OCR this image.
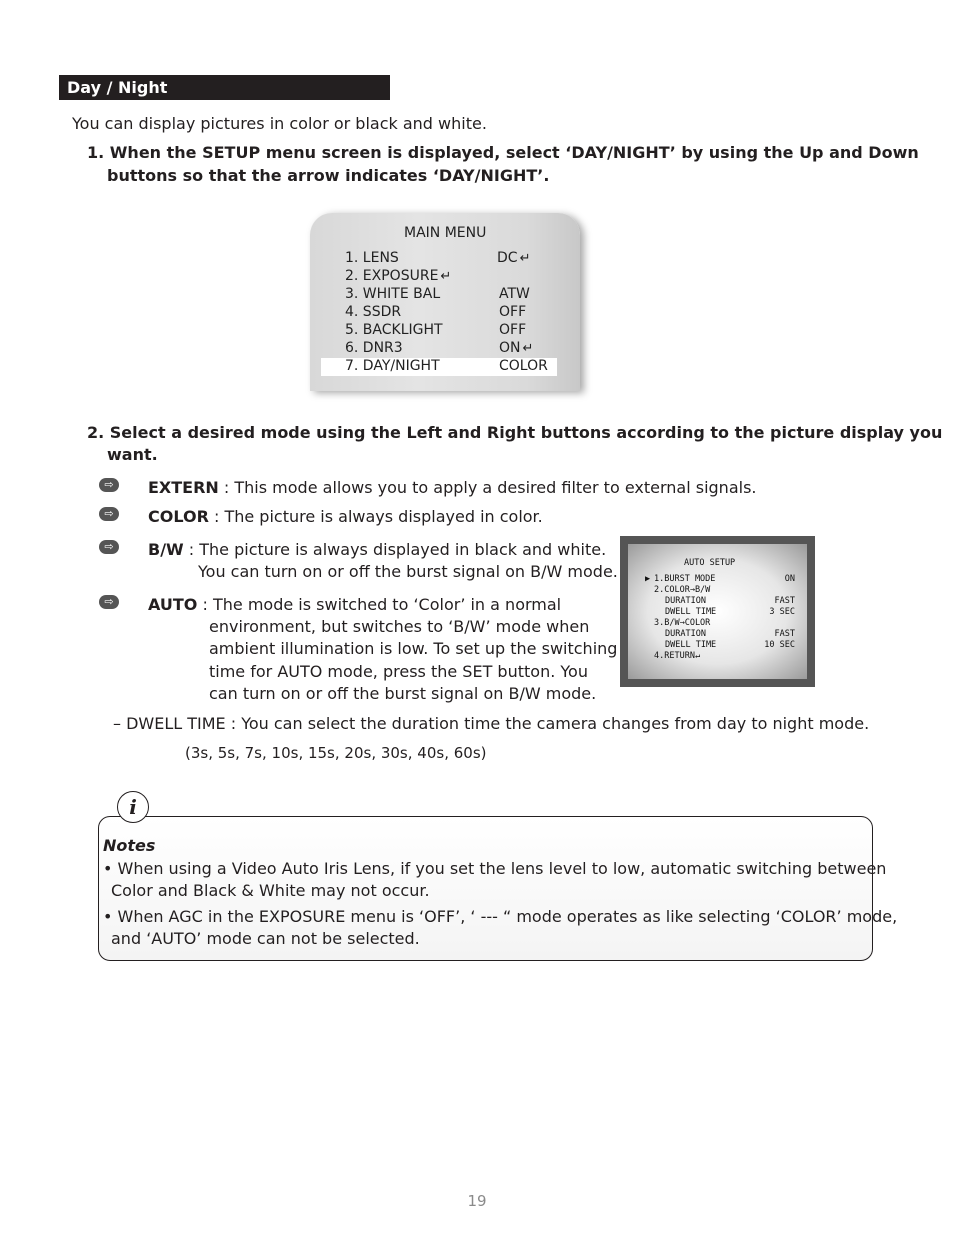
Day / Night
You can display pictures in color or black and white.
1. When the SETUP menu screen is displayed, select ‘DAY/NIGHT’ by using the Up and Down
buttons so that the arrow indicates ‘DAY/NIGHT’.
MAIN MENU
1. LENS	DC ↵
2. EXPOSURE ↵
3. WHITE BAL	ATW
4. SSDR	OFF
5. BACKLIGHT	OFF
6. DNR3	ON ↵
7. DAY/NIGHT	COLOR
2. Select a desired mode using the Left and Right buttons according to the picture display you
want.
⇨	EXTERN : This mode allows you to apply a desired filter to external signals.
⇨	COLOR : The picture is always displayed in color.
⇨	B/W : The picture is always displayed in black and white.
You can turn on or off the burst signal on B/W mode.
⇨	AUTO : The mode is switched to ‘Color’ in a normal
environment, but switches to ‘B/W’ mode when
ambient illumination is low. To set up the switching
time for AUTO mode, press the SET button. You
can turn on or off the burst signal on B/W mode.
AUTO SETUP
▶ 1.BURST MODE	ON
2.COLOR→B/W
DURATION	FAST
DWELL TIME	3 SEC
3.B/W→COLOR
DURATION	FAST
DWELL TIME	10 SEC
4.RETURN↵
– DWELL TIME : You can select the duration time the camera changes from day to night mode.
(3s, 5s, 7s, 10s, 15s, 20s, 30s, 40s, 60s)
i
Notes
• When using a Video Auto Iris Lens, if you set the lens level to low, automatic switching between
Color and Black & White may not occur.
• When AGC in the EXPOSURE menu is ‘OFF’, ‘ --- “ mode operates as like selecting ‘COLOR’ mode,
and ‘AUTO’ mode can not be selected.
19
